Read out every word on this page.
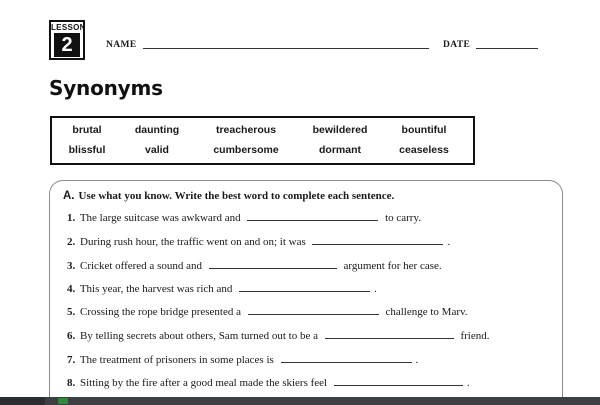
LESSON
2	NAME	DATE
Synonyms
brutal	daunting	treacherous	bewildered	bountiful
blissful	valid	cumbersome	dormant	ceaseless
A. Use what you know. Write the best word to complete each sentence.
1. The large suitcase was awkward and	to carry.
2. During rush hour, the traffic went on and on; it was	.
3. Cricket offered a sound and	argument for her case.
4. This year, the harvest was rich and	.
5. Crossing the rope bridge presented a	challenge to Marv.
6. By telling secrets about others, Sam turned out to be a	friend.
7. The treatment of prisoners in some places is	.
8. Sitting by the fire after a good meal made the skiers feel	.
